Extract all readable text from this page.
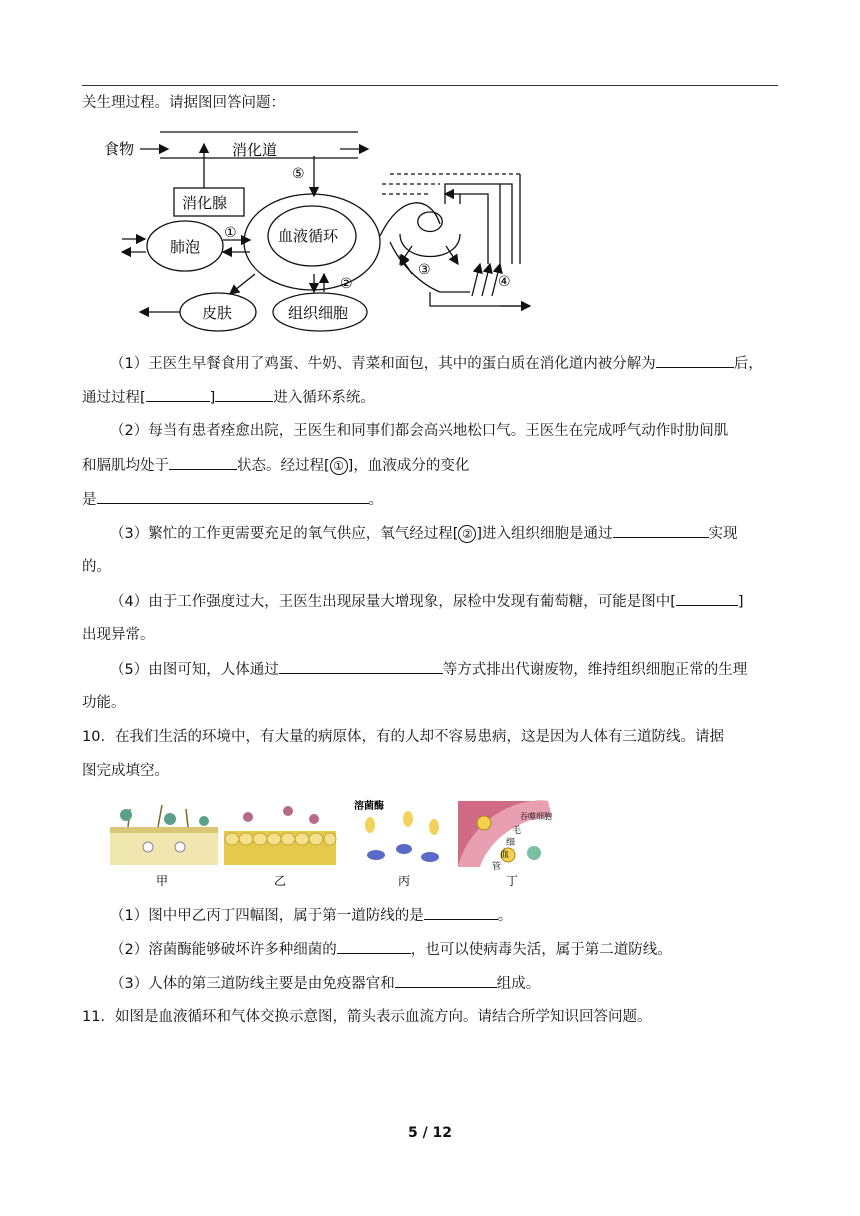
关生理过程。请据图回答问题：
食物	消化道
消化腺
肺泡
血液循环
皮肤	组织细胞
①
②
③
④
⑤
（1）王医生早餐食用了鸡蛋、牛奶、青菜和面包，其中的蛋白质在消化道内被分解为	后，
通过过程[	]	进入循环系统。
（2）每当有患者痊愈出院，王医生和同事们都会高兴地松口气。王医生在完成呼气动作时肋间肌
和膈肌均处于	状态。经过程[ ① ]，血液成分的变化
是	。
（3）繁忙的工作更需要充足的氧气供应，氧气经过程[ ② ]进入组织细胞是通过	实现
的。
（4）由于工作强度过大，王医生出现尿量大增现象，尿检中发现有葡萄糖，可能是图中[	]
出现异常。
（5）由图可知，人体通过	等方式排出代谢废物，维持组织细胞正常的生理
功能。
10．在我们生活的环境中，有大量的病原体，有的人却不容易患病，这是因为人体有三道防线。请据
图完成填空。
溶菌酶
毛
细
血
管
吞噬细胞
甲	乙	丙	丁
（1）图中甲乙丙丁四幅图，属于第一道防线的是	。
（2）溶菌酶能够破坏许多种细菌的	，也可以使病毒失活，属于第二道防线。
（3）人体的第三道防线主要是由免疫器官和	组成。
11．如图是血液循环和气体交换示意图，箭头表示血流方向。请结合所学知识回答问题。
5 / 12
